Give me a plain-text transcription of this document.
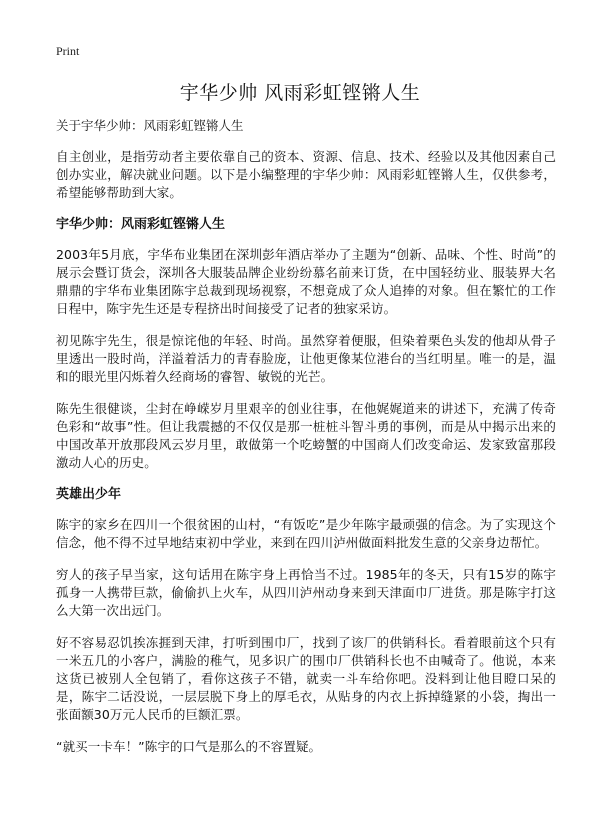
Print
宇华少帅 风雨彩虹铿锵人生
关于宇华少帅：风雨彩虹铿锵人生

自主创业，是指劳动者主要依靠自己的资本、资源、信息、技术、经验以及其他因素自己创办实业，解决就业问题。以下是小编整理的宇华少帅：风雨彩虹铿锵人生，仅供参考，希望能够帮助到大家。

宇华少帅：风雨彩虹铿锵人生

2003年5月底，宇华布业集团在深圳彭年酒店举办了主题为“创新、品味、个性、时尚”的展示会暨订货会，深圳各大服装品牌企业纷纷慕名前来订货，在中国轻纺业、服装界大名鼎鼎的宇华布业集团陈宇总裁到现场视察，不想竟成了众人追捧的对象。但在繁忙的工作日程中，陈宇先生还是专程挤出时间接受了记者的独家采访。

初见陈宇先生，很是惊诧他的年轻、时尚。虽然穿着便服，但染着栗色头发的他却从骨子里透出一股时尚，洋溢着活力的青春脸庞，让他更像某位港台的当红明星。唯一的是，温和的眼光里闪烁着久经商场的睿智、敏锐的光芒。

陈先生很健谈，尘封在峥嵘岁月里艰辛的创业往事，在他娓娓道来的讲述下，充满了传奇色彩和“故事”性。但让我震撼的不仅仅是那一桩桩斗智斗勇的事例，而是从中揭示出来的中国改革开放那段风云岁月里，敢做第一个吃螃蟹的中国商人们改变命运、发家致富那段激动人心的历史。

英雄出少年

陈宇的家乡在四川一个很贫困的山村，“有饭吃”是少年陈宇最顽强的信念。为了实现这个信念，他不得不过早地结束初中学业，来到在四川泸州做面料批发生意的父亲身边帮忙。

穷人的孩子早当家，这句话用在陈宇身上再恰当不过。1985年的冬天，只有15岁的陈宇孤身一人携带巨款，偷偷扒上火车，从四川泸州动身来到天津面巾厂进货。那是陈宇打这么大第一次出远门。

好不容易忍饥挨冻捱到天津，打听到围巾厂，找到了该厂的供销科长。看着眼前这个只有一米五几的小客户，满脸的稚气，见多识广的围巾厂供销科长也不由喊奇了。他说，本来这货已被别人全包销了，看你这孩子不错，就卖一斗车给你吧。没料到让他目瞪口呆的是，陈宇二话没说，一层层脱下身上的厚毛衣，从贴身的内衣上拆掉缝紧的小袋，掏出一张面额30万元人民币的巨额汇票。

“就买一卡车！”陈宇的口气是那么的不容置疑。
